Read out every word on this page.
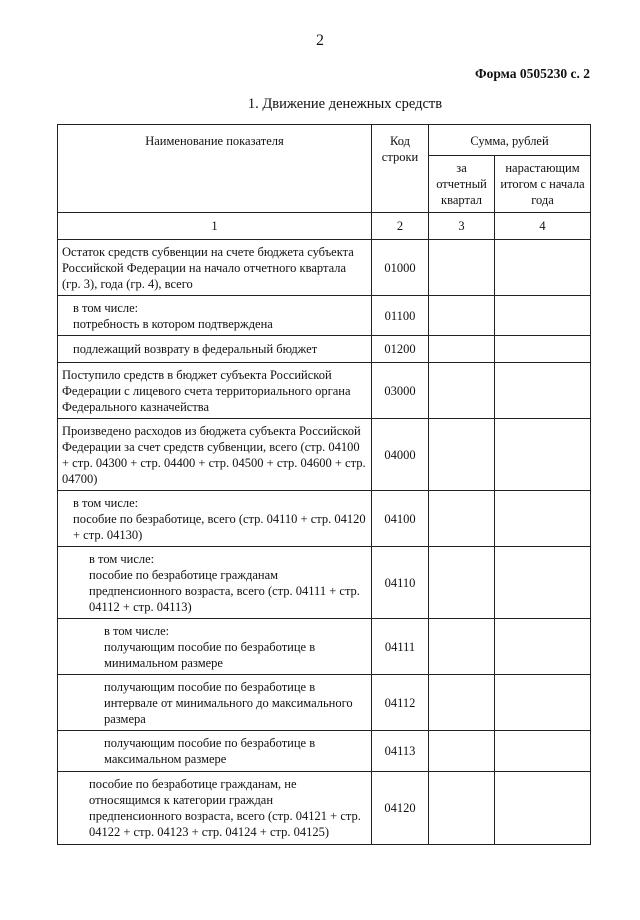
2
Форма 0505230 с. 2
1. Движение денежных средств
Наименование показателя	Код строки	Сумма, рублей	
		за отчетный квартал	нарастающим итогом с начала года
1	2	3	4
Остаток средств субвенции на счете бюджета субъекта Российской Федерации на начало отчетного квартала (гр. 3), года (гр. 4), всего	01000		
в том числе:
потребность в котором подтверждена	01100		
подлежащий возврату в федеральный бюджет	01200		
Поступило средств в бюджет субъекта Российской Федерации с лицевого счета территориального органа Федерального казначейства	03000		
Произведено расходов из бюджета субъекта Российской Федерации за счет средств субвенции, всего (стр. 04100 + стр. 04300 + стр. 04400 + стр. 04500 + стр. 04600 + стр. 04700)	04000		
в том числе:
пособие по безработице, всего (стр. 04110 + стр. 04120 + стр. 04130)	04100		
в том числе:
пособие по безработице гражданам предпенсионного возраста, всего (стр. 04111 + стр. 04112 + стр. 04113)	04110		
в том числе:
получающим пособие по безработице в минимальном размере	04111		
получающим пособие по безработице в интервале от минимального до максимального размера	04112		
получающим пособие по безработице в максимальном размере	04113		
пособие по безработице гражданам, не относящимся к категории граждан предпенсионного возраста, всего (стр. 04121 + стр. 04122 + стр. 04123 + стр. 04124 + стр. 04125)	04120		
